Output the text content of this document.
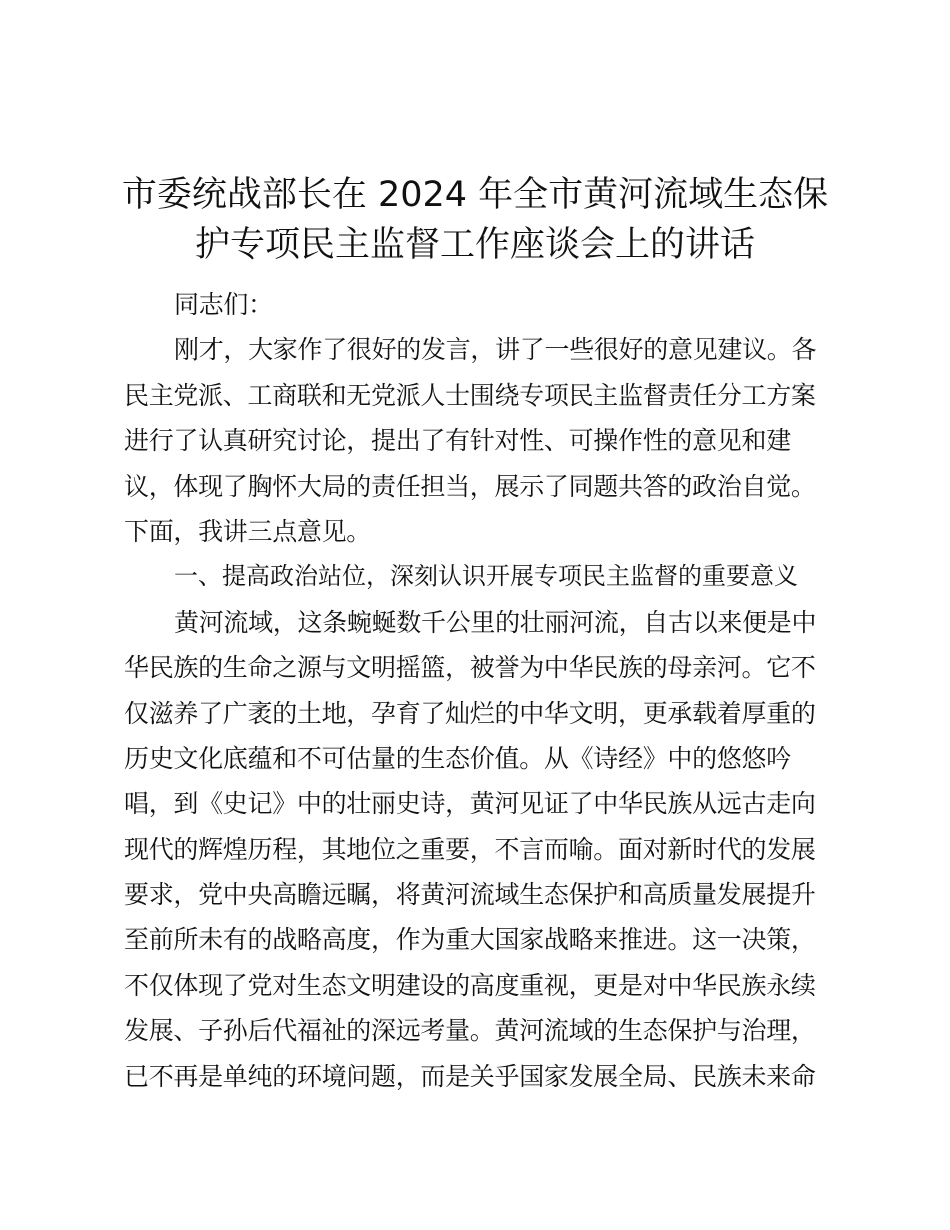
市委统战部长在 2024 年全市黄河流域生态保
护专项民主监督工作座谈会上的讲话
同志们：
刚才，大家作了很好的发言，讲了一些很好的意见建议。各
民主党派、工商联和无党派人士围绕专项民主监督责任分工方案
进行了认真研究讨论，提出了有针对性、可操作性的意见和建
议，体现了胸怀大局的责任担当，展示了同题共答的政治自觉。
下面，我讲三点意见。
一、提高政治站位，深刻认识开展专项民主监督的重要意义
黄河流域，这条蜿蜒数千公里的壮丽河流，自古以来便是中
华民族的生命之源与文明摇篮，被誉为中华民族的母亲河。它不
仅滋养了广袤的土地，孕育了灿烂的中华文明，更承载着厚重的
历史文化底蕴和不可估量的生态价值。从《诗经》中的悠悠吟
唱，到《史记》中的壮丽史诗，黄河见证了中华民族从远古走向
现代的辉煌历程，其地位之重要，不言而喻。面对新时代的发展
要求，党中央高瞻远瞩，将黄河流域生态保护和高质量发展提升
至前所未有的战略高度，作为重大国家战略来推进。这一决策，
不仅体现了党对生态文明建设的高度重视，更是对中华民族永续
发展、子孙后代福祉的深远考量。黄河流域的生态保护与治理，
已不再是单纯的环境问题，而是关乎国家发展全局、民族未来命
